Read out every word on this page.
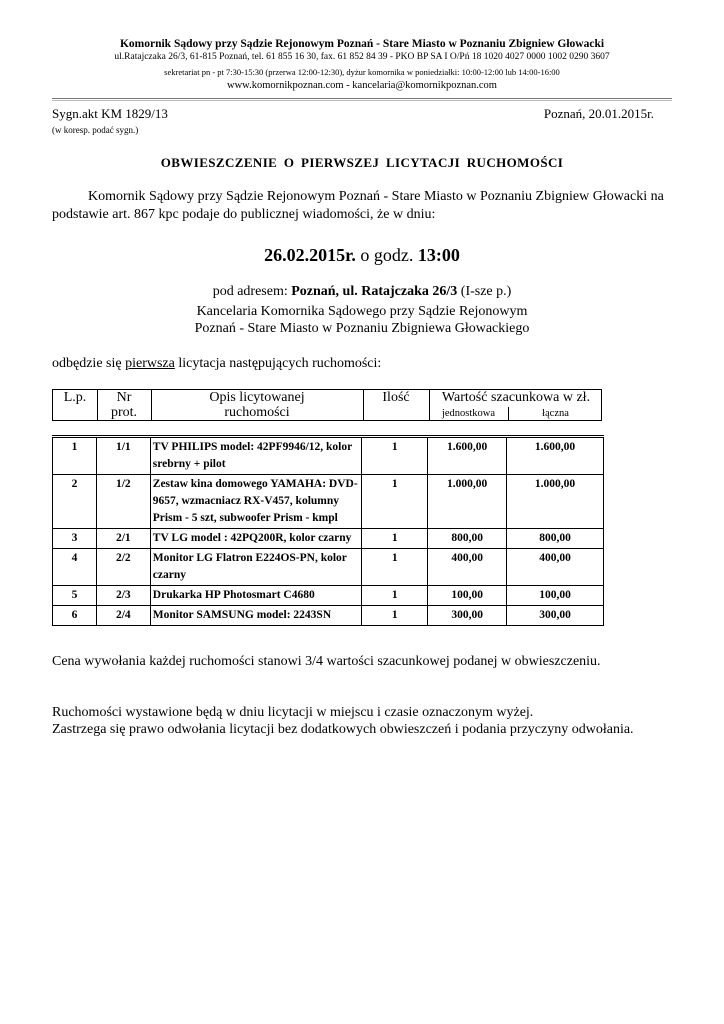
Komornik Sądowy przy Sądzie Rejonowym Poznań - Stare Miasto w Poznaniu Zbigniew Głowacki
ul.Ratajczaka 26/3, 61-815 Poznań, tel. 61 855 16 30, fax. 61 852 84 39 - PKO BP SA I O/Pń 18 1020 4027 0000 1002 0290 3607
sekretariat pn - pt 7:30-15:30 (przerwa 12:00-12:30), dyżur komornika w poniedziałki: 10:00-12:00 lub 14:00-16:00
www.komornikpoznan.com - kancelaria@komornikpoznan.com
Sygn.akt KM 1829/13	Poznań, 20.01.2015r.
(w koresp. podać sygn.)
OBWIESZCZENIE O PIERWSZEJ LICYTACJI RUCHOMOŚCI
Komornik Sądowy przy Sądzie Rejonowym Poznań - Stare Miasto w Poznaniu Zbigniew Głowacki na podstawie art. 867 kpc podaje do publicznej wiadomości, że w dniu:
26.02.2015r. o godz. 13:00
pod adresem: Poznań, ul. Ratajczaka 26/3 (I-sze p.)
Kancelaria Komornika Sądowego przy Sądzie Rejonowym
Poznań - Stare Miasto w Poznaniu Zbigniewa Głowackiego
odbędzie się pierwsza licytacja następujących ruchomości:
L.p.	Nr
prot.
Opis licytowanej
ruchomości
Ilość	Wartość szacunkowa w zł.
jednostkowa	łączna
1	1/1	TV PHILIPS model: 42PF9946/12, kolor srebrny + pilot	1	1.600,00	1.600,00
2	1/2	Zestaw kina domowego YAMAHA: DVD-9657, wzmacniacz RX-V457, kolumny Prism - 5 szt, subwoofer Prism - kmpl	1	1.000,00	1.000,00
3	2/1	TV LG model : 42PQ200R, kolor czarny	1	800,00	800,00
4	2/2	Monitor LG Flatron E224OS-PN, kolor czarny	1	400,00	400,00
5	2/3	Drukarka HP Photosmart C4680	1	100,00	100,00
6	2/4	Monitor SAMSUNG model: 2243SN	1	300,00	300,00
Cena wywołania każdej ruchomości stanowi 3/4 wartości szacunkowej podanej w obwieszczeniu.
Ruchomości wystawione będą w dniu licytacji w miejscu i czasie oznaczonym wyżej.
Zastrzega się prawo odwołania licytacji bez dodatkowych obwieszczeń i podania przyczyny odwołania.
